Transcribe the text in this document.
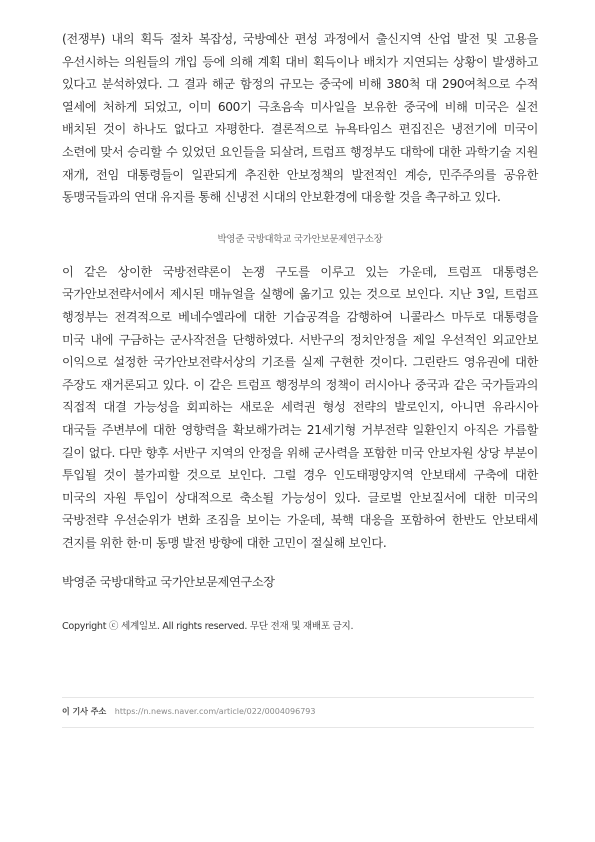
(전쟁부) 내의 획득 절차 복잡성, 국방예산 편성 과정에서 출신지역 산업 발전 및 고용을 우선시하는 의원들의 개입 등에 의해 계획 대비 획득이나 배치가 지연되는 상황이 발생하고 있다고 분석하였다. 그 결과 해군 함정의 규모는 중국에 비해 380척 대 290여척으로 수적 열세에 처하게 되었고, 이미 600기 극초음속 미사일을 보유한 중국에 비해 미국은 실전 배치된 것이 하나도 없다고 자평한다. 결론적으로 뉴욕타임스 편집진은 냉전기에 미국이 소련에 맞서 승리할 수 있었던 요인들을 되살려, 트럼프 행정부도 대학에 대한 과학기술 지원 재개, 전임 대통령들이 일관되게 추진한 안보정책의 발전적인 계승, 민주주의를 공유한 동맹국들과의 연대 유지를 통해 신냉전 시대의 안보환경에 대응할 것을 촉구하고 있다.

박영준 국방대학교 국가안보문제연구소장

이 같은 상이한 국방전략론이 논쟁 구도를 이루고 있는 가운데, 트럼프 대통령은 국가안보전략서에서 제시된 매뉴얼을 실행에 옮기고 있는 것으로 보인다. 지난 3일, 트럼프 행정부는 전격적으로 베네수엘라에 대한 기습공격을 감행하여 니콜라스 마두로 대통령을 미국 내에 구금하는 군사작전을 단행하였다. 서반구의 정치안정을 제일 우선적인 외교안보 이익으로 설정한 국가안보전략서상의 기조를 실제 구현한 것이다. 그린란드 영유권에 대한 주장도 재거론되고 있다. 이 같은 트럼프 행정부의 정책이 러시아나 중국과 같은 국가들과의 직접적 대결 가능성을 회피하는 새로운 세력권 형성 전략의 발로인지, 아니면 유라시아 대국들 주변부에 대한 영향력을 확보해가려는 21세기형 거부전략 일환인지 아직은 가름할 길이 없다. 다만 향후 서반구 지역의 안정을 위해 군사력을 포함한 미국 안보자원 상당 부분이 투입될 것이 불가피할 것으로 보인다. 그럴 경우 인도태평양지역 안보태세 구축에 대한 미국의 자원 투입이 상대적으로 축소될 가능성이 있다. 글로벌 안보질서에 대한 미국의 국방전략 우선순위가 변화 조짐을 보이는 가운데, 북핵 대응을 포함하여 한반도 안보태세 견지를 위한 한·미 동맹 발전 방향에 대한 고민이 절실해 보인다.

박영준 국방대학교 국가안보문제연구소장

Copyright ⓒ 세계일보. All rights reserved. 무단 전재 및 재배포 금지.

이 기사 주소 https://n.news.naver.com/article/022/0004096793
